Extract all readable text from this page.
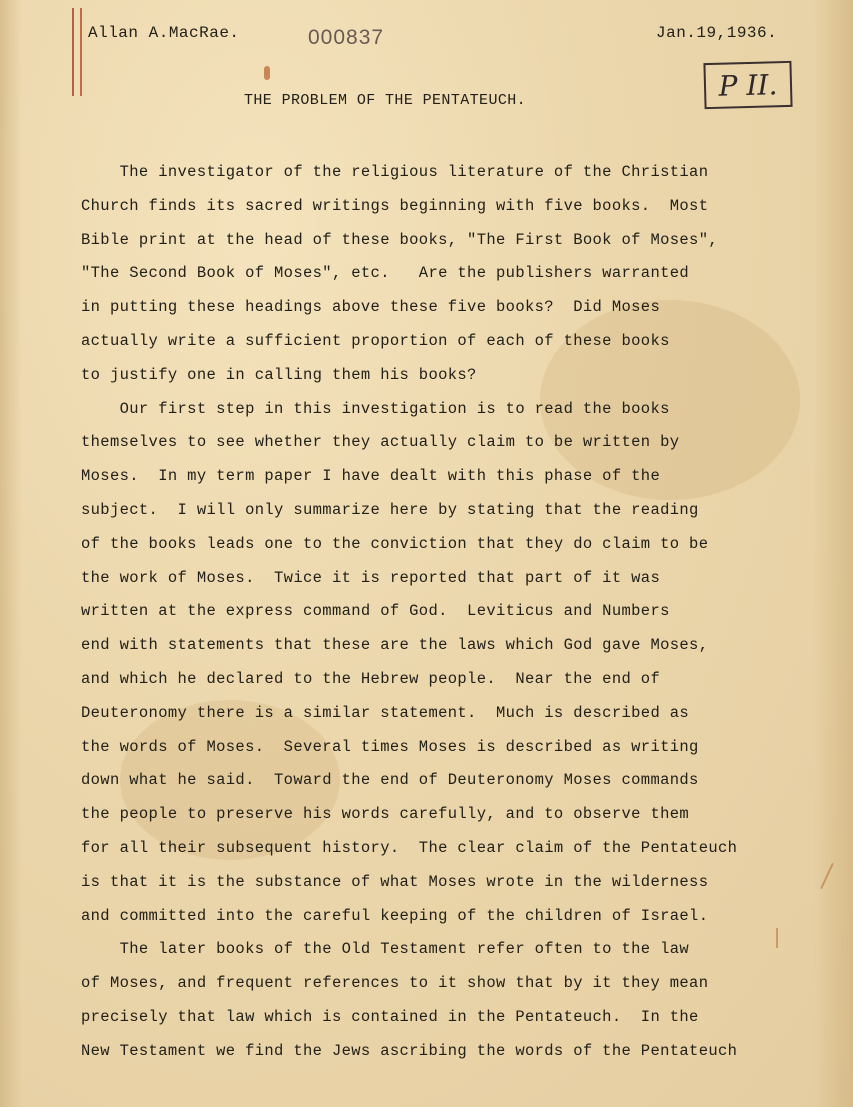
Allan A.MacRae.	000837	Jan.19,1936.
P II.
THE PROBLEM OF THE PENTATEUCH.
The investigator of the religious literature of the Christian
Church finds its sacred writings beginning with five books.  Most
Bible print at the head of these books, "The First Book of Moses",
"The Second Book of Moses", etc.   Are the publishers warranted
in putting these headings above these five books?  Did Moses
actually write a sufficient proportion of each of these books
to justify one in calling them his books?
Our first step in this investigation is to read the books
themselves to see whether they actually claim to be written by
Moses.  In my term paper I have dealt with this phase of the
subject.  I will only summarize here by stating that the reading
of the books leads one to the conviction that they do claim to be
the work of Moses.  Twice it is reported that part of it was
written at the express command of God.  Leviticus and Numbers
end with statements that these are the laws which God gave Moses,
and which he declared to the Hebrew people.  Near the end of
Deuteronomy there is a similar statement.  Much is described as
the words of Moses.  Several times Moses is described as writing
down what he said.  Toward the end of Deuteronomy Moses commands
the people to preserve his words carefully, and to observe them
for all their subsequent history.  The clear claim of the Pentateuch
is that it is the substance of what Moses wrote in the wilderness
and committed into the careful keeping of the children of Israel.
The later books of the Old Testament refer often to the law
of Moses, and frequent references to it show that by it they mean
precisely that law which is contained in the Pentateuch.  In the
New Testament we find the Jews ascribing the words of the Pentateuch
